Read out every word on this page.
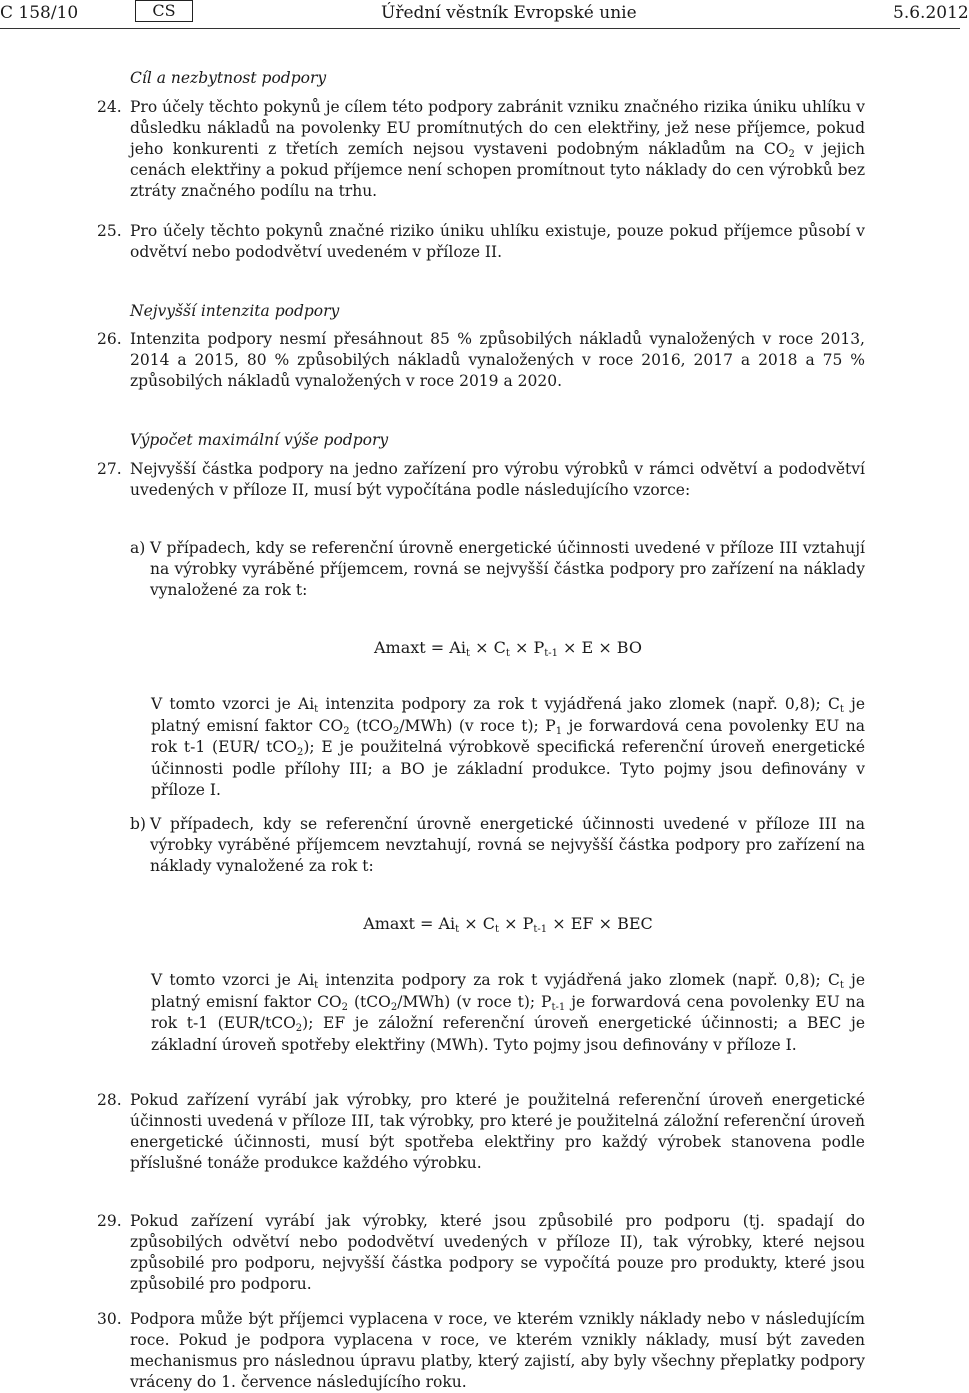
C 158/10	CS	Úřední věstník Evropské unie	5.6.2012
Cíl a nezbytnost podpory
24. Pro účely těchto pokynů je cílem této podpory zabránit vzniku značného rizika úniku uhlíku v důsledku nákladů na povolenky EU promítnutých do cen elektřiny, jež nese příjemce, pokud jeho konkurenti z třetích zemích nejsou vystaveni podobným nákladům na $CO_2$ v jejich cenách elektřiny a pokud příjemce není schopen promítnout tyto náklady do cen výrobků bez ztráty značného podílu na trhu.
25. Pro účely těchto pokynů značné riziko úniku uhlíku existuje, pouze pokud příjemce působí v odvětví nebo pododvětví uvedeném v příloze II.
Nejvyšší intenzita podpory
26. Intenzita podpory nesmí přesáhnout 85 % způsobilých nákladů vynaložených v roce 2013, 2014 a 2015, 80 % způsobilých nákladů vynaložených v roce 2016, 2017 a 2018 a 75 % způsobilých nákladů vynaložených v roce 2019 a 2020.
Výpočet maximální výše podpory
27. Nejvyšší částka podpory na jedno zařízení pro výrobu výrobků v rámci odvětví a pododvětví uvedených v příloze II, musí být vypočítána podle následujícího vzorce:
a) V případech, kdy se referenční úrovně energetické účinnosti uvedené v příloze III vztahují na výrobky vyráběné příjemcem, rovná se nejvyšší částka podpory pro zařízení na náklady vynaložené za rok t:
$Amaxt = Ai_t \times C_t \times P_{t-1} \times E$ × BO
V tomto vzorci je $Ai_t$ intenzita podpory za rok t vyjádřená jako zlomek (např. 0,8); $C_t$ je platný emisní faktor $CO_2$ (tCO$_2$/MWh) (v roce t); $P_1$ je forwardová cena povolenky EU na rok t-1 (EUR/ tCO$_2$); E je použitelná výrobkově specifická referenční úroveň energetické účinnosti podle přílohy III; a BO je základní produkce. Tyto pojmy jsou definovány v příloze I.
b) V případech, kdy se referenční úrovně energetické účinnosti uvedené v příloze III na výrobky vyráběné příjemcem nevztahují, rovná se nejvyšší částka podpory pro zařízení na náklady vynaložené za rok t:
$Amaxt = Ai_t \times C_t \times P_{t-1}$ × EF × BEC
V tomto vzorci je $Ai_t$ intenzita podpory za rok t vyjádřená jako zlomek (např. 0,8); $C_t$ je platný emisní faktor $CO_2$ (tCO$_2$/MWh) (v roce t); $P_{t-1}$ je forwardová cena povolenky EU na rok t-1 (EUR/tCO$_2$); EF je záložní referenční úroveň energetické účinnosti; a BEC je základní úroveň spotřeby elektřiny (MWh). Tyto pojmy jsou definovány v příloze I.
28. Pokud zařízení vyrábí jak výrobky, pro které je použitelná referenční úroveň energetické účinnosti uvedená v příloze III, tak výrobky, pro které je použitelná záložní referenční úroveň energetické účinnosti, musí být spotřeba elektřiny pro každý výrobek stanovena podle příslušné tonáže produkce každého výrobku.
29. Pokud zařízení vyrábí jak výrobky, které jsou způsobilé pro podporu (tj. spadají do způsobilých odvětví nebo pododvětví uvedených v příloze II), tak výrobky, které nejsou způsobilé pro podporu, nejvyšší částka podpory se vypočítá pouze pro produkty, které jsou způsobilé pro podporu.
30. Podpora může být příjemci vyplacena v roce, ve kterém vznikly náklady nebo v následujícím roce. Pokud je podpora vyplacena v roce, ve kterém vznikly náklady, musí být zaveden mechanismus pro následnou úpravu platby, který zajistí, aby byly všechny přeplatky podpory vráceny do 1. července následujícího roku.
